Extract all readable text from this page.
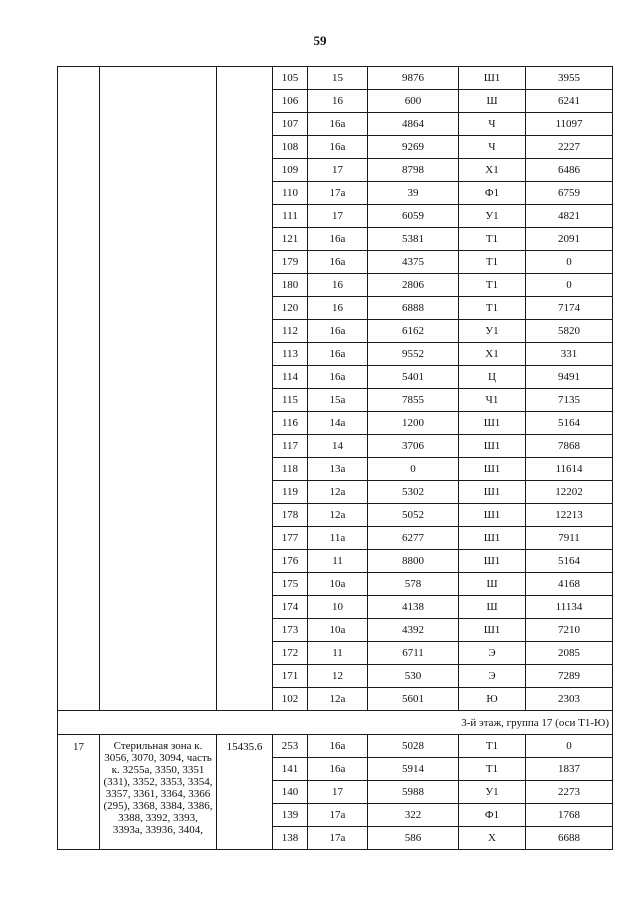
59
			105	15	9876	Ш1	3955
			106	16	600	Ш	6241
			107	16а	4864	Ч	11097
			108	16а	9269	Ч	2227
			109	17	8798	Х1	6486
			110	17а	39	Ф1	6759
			111	17	6059	У1	4821
			121	16а	5381	Т1	2091
			179	16а	4375	Т1	0
			180	16	2806	Т1	0
			120	16	6888	Т1	7174
			112	16а	6162	У1	5820
			113	16а	9552	Х1	331
			114	16а	5401	Ц	9491
			115	15а	7855	Ч1	7135
			116	14а	1200	Ш1	5164
			117	14	3706	Ш1	7868
			118	13а	0	Ш1	11614
			119	12а	5302	Ш1	12202
			178	12а	5052	Ш1	12213
			177	11а	6277	Ш1	7911
			176	11	8800	Ш1	5164
			175	10а	578	Ш	4168
			174	10	4138	Ш	11134
			173	10а	4392	Ш1	7210
			172	11	6711	Э	2085
			171	12	530	Э	7289
			102	12а	5601	Ю	2303
3-й этаж, группа 17 (оси Т1-Ю)							
17	Стерильная зона к. 3056, 3070, 3094, часть к. 3255а, 3350, 3351 (331), 3352, 3353, 3354, 3357, 3361, 3364, 3366 (295), 3368, 3384, 3386, 3388, 3392, 3393, 3393а, 33936, 3404,	15435.6	253	16а	5028	Т1	0
			141	16а	5914	Т1	1837
			140	17	5988	У1	2273
			139	17а	322	Ф1	1768
			138	17а	586	Х	6688
